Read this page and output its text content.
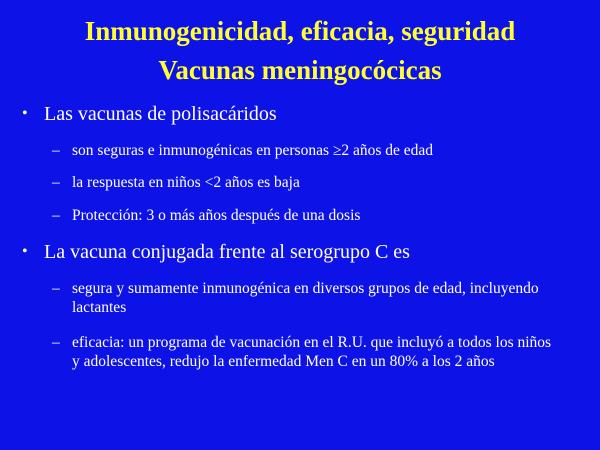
Inmunogenicidad, eficacia, seguridad
Vacunas meningocócicas
• Las vacunas de polisacáridos
– son seguras e inmunogénicas en personas ≥2 años de edad
– la respuesta en niños <2 años es baja
– Protección: 3 o más años después de una dosis
• La vacuna conjugada frente al serogrupo C es
– segura y sumamente inmunogénica en diversos grupos de edad, incluyendo lactantes
– eficacia: un programa de vacunación en el R.U. que incluyó a todos los niños y adolescentes, redujo la enfermedad Men C en un 80% a los 2 años
